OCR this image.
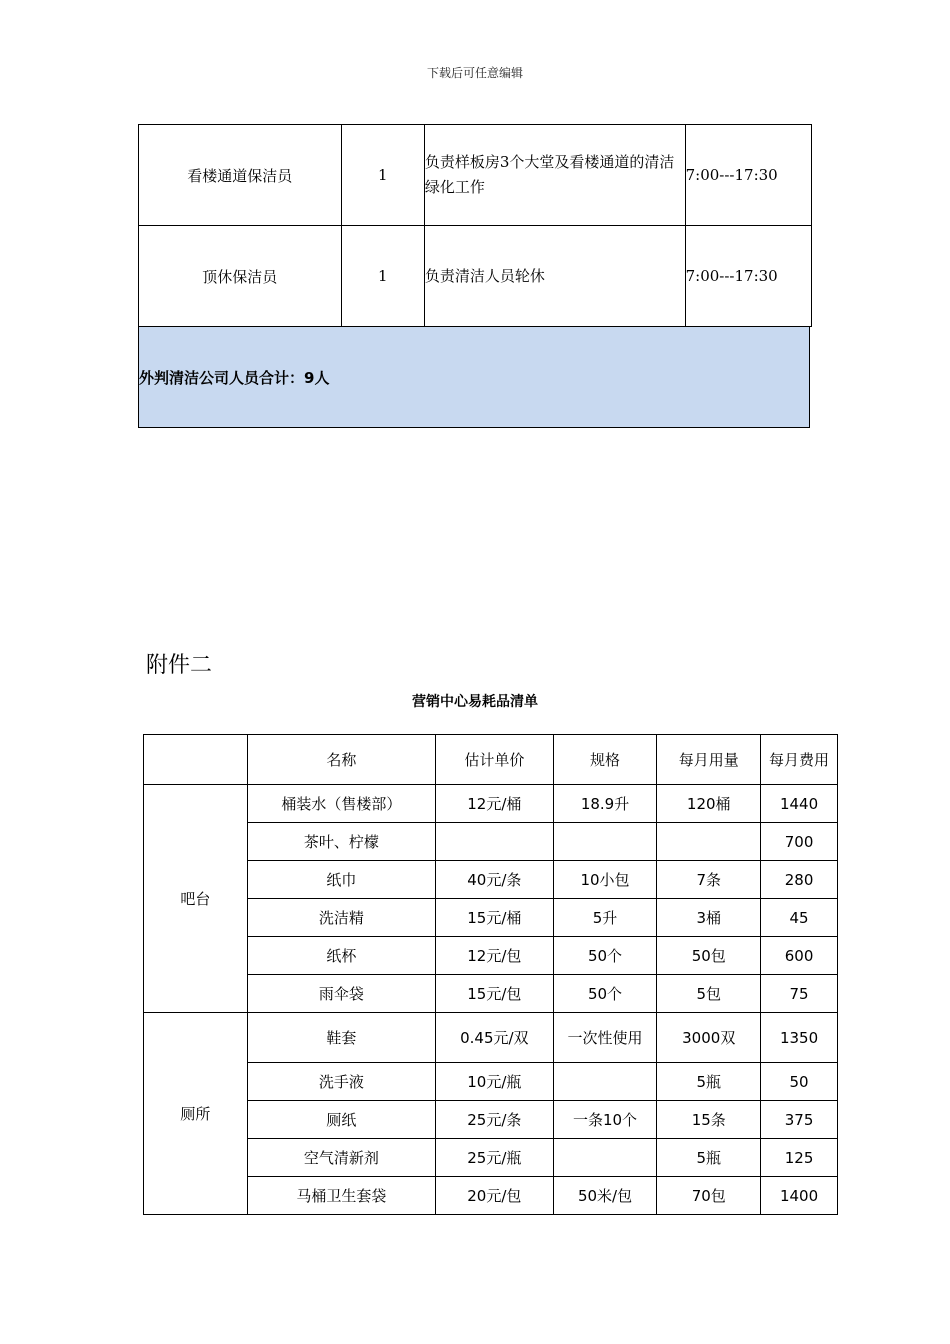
下载后可任意编辑
看楼通道保洁员	1	负责样板房3个大堂及看楼通道的清洁绿化工作	7:00---17:30
顶休保洁员	1	负责清洁人员轮休	7:00---17:30
外判清洁公司人员合计：9人
附件二
营销中心易耗品清单
	名称	估计单价	规格	每月用量	每月费用
吧台	桶装水（售楼部）	12元/桶	18.9升	120桶	1440
	茶叶、柠檬				700
	纸巾	40元/条	10小包	7条	280
	洗洁精	15元/桶	5升	3桶	45
	纸杯	12元/包	50个	50包	600
	雨伞袋	15元/包	50个	5包	75
厕所	鞋套	0.45元/双	一次性使用	3000双	1350
	洗手液	10元/瓶		5瓶	50
	厕纸	25元/条	一条10个	15条	375
	空气清新剂	25元/瓶		5瓶	125
	马桶卫生套袋	20元/包	50米/包	70包	1400
